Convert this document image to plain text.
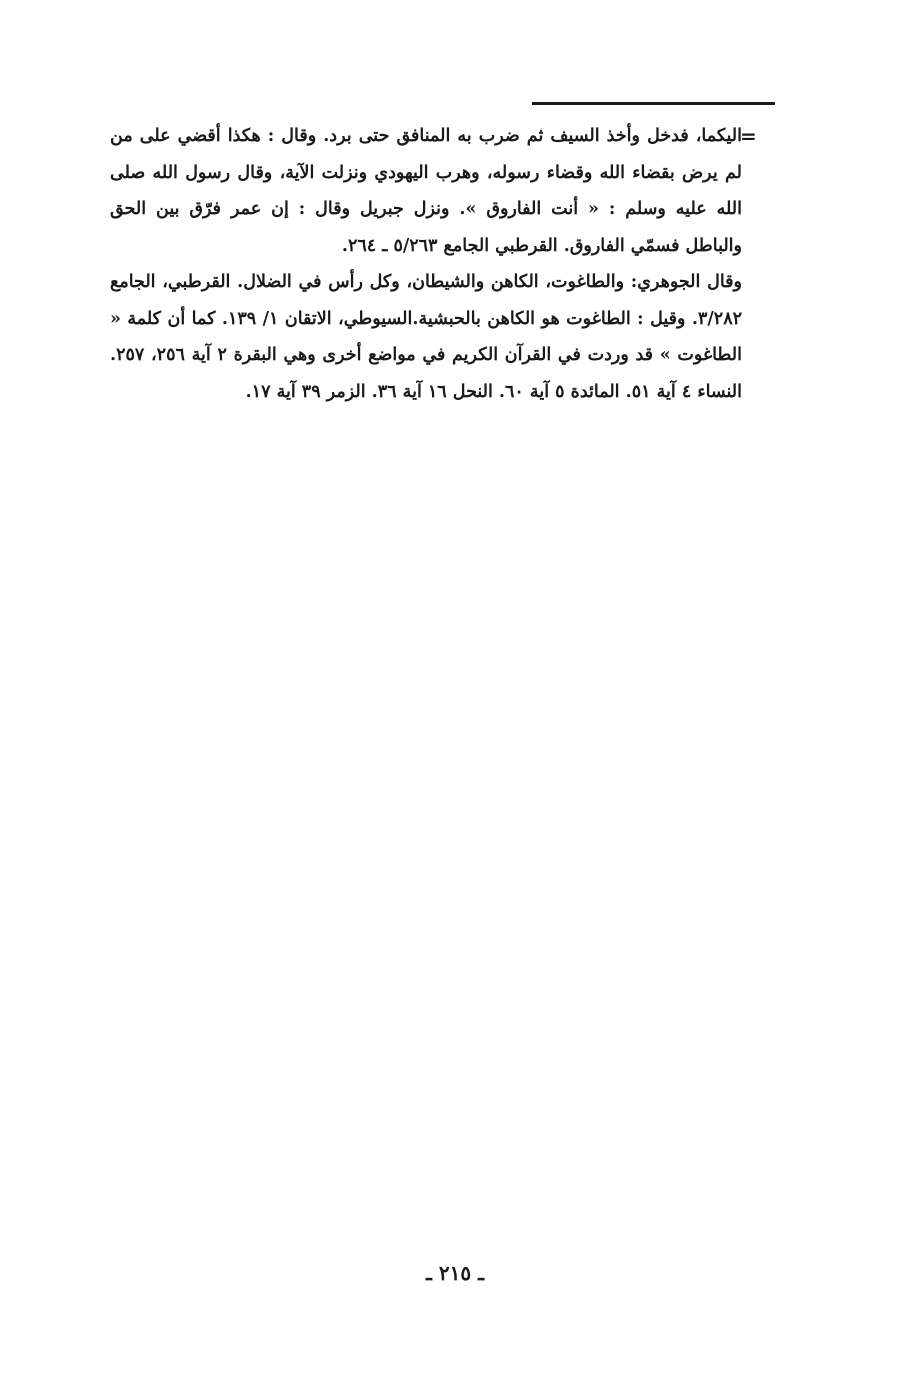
=

اليكما، فدخل وأخذ السيف ثم ضرب به المنافق حتى برد. وقال : هكذا أقضي على من لم يرض بقضاء الله وقضاء رسوله، وهرب اليهودي ونزلت الآية، وقال رسول الله صلى الله عليه وسلم : « أنت الفاروق ». ونزل جبريل وقال : إن عمر فرّق بين الحق والباطل فسمّي الفاروق. القرطبي الجامع ٥/٢٦٣ ـ ٢٦٤.

وقال الجوهري: والطاغوت، الكاهن والشيطان، وكل رأس في الضلال. القرطبي، الجامع ٣/٢٨٢. وقيل : الطاغوت هو الكاهن بالحبشية.السيوطي، الاتقان ١/ ١٣٩. كما أن كلمة « الطاغوت » قد وردت في القرآن الكريم في مواضع أخرى وهي البقرة ٢ آية ٢٥٦، ٢٥٧. النساء ٤ آية ٥١. المائدة ٥ آية ٦٠. النحل ١٦ آية ٣٦. الزمر ٣٩ آية ١٧.

ـ ٢١٥ ـ
